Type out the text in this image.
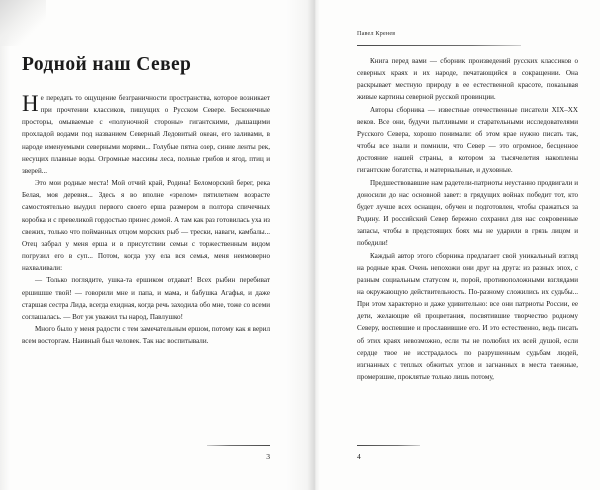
Родной наш Север

Не передать то ощущение безграничности пространства, которое возникает при прочтении классиков, пишущих о Русском Севере. Бесконечные просторы, омываемые с «полуночной стороны» гигантскими, дышащими прохладой водами под названием Северный Ледовитый океан, его заливами, в народе именуемыми северными морями... Голубые пятна озер, синие ленты рек, несущих плавные воды. Огромные массивы леса, полные грибов и ягод, птиц и зверей...

Это мои родные места! Мой отчий край, Родина! Беломорский берег, река Белая, моя деревня... Здесь я во вполне «зрелом» пятилетнем возрасте самостоятельно выудил первого своего ерша размером в полтора спичечных коробка и с превеликой гордостью принес домой. А там как раз готовилась уха из свежих, только что пойманных отцом морских рыб — трески, наваги, камбалы... Отец забрал у меня ерша и в присутствии семьи с торжественным видом погрузил его в суп... Потом, когда уху ела вся семья, меня неимоверно нахваливали:

— Только поглядите, ушка-та ершиком отдават! Всех рыбин перебиват ершишше твой! — говорили мне и папа, и мама, и бабушка Агафья, и даже старшая сестра Лида, всегда ехидная, когда речь заходила обо мне, тоже со всеми соглашалась. — Вот уж уважил ты народ, Павлушко!

Много было у меня радости с тем замечательным ершом, потому как я верил всем восторгам. Наивный был человек. Так нас воспитывали.

3
Павел Кренев

Книга перед вами — сборник произведений русских классиков о северных краях и их народе, печатающийся в сокращении. Она раскрывает местную природу в ее естественной красоте, показывая живые картины северной русской провинции.

Авторы сборника — известные отечественные писатели XIX–XX веков. Все они, будучи пытливыми и старательными исследователями Русского Севера, хорошо понимали: об этом крае нужно писать так, чтобы все знали и помнили, что Север — это огромное, бесценное достояние нашей страны, в котором за тысячелетия накоплены гигантские богатства, и материальные, и духовные.

Предшествовавшие нам радетели-патриоты неустанно продвигали и доносили до нас основной завет: в грядущих войнах победит тот, кто будет лучше всех оснащен, обучен и подготовлен, чтобы сражаться за Родину. И российский Север бережно сохранил для нас сокровенные запасы, чтобы в предстоящих боях мы не ударили в грязь лицом и победили!

Каждый автор этого сборника предлагает свой уникальный взгляд на родные края. Очень непохожи они друг на друга: из разных эпох, с разным социальным статусом и, порой, противоположными взглядами на окружающую действительность. По-разному сложились их судьбы... При этом характерно и даже удивительно: все они патриоты России, ее дети, желающие ей процветания, посвятившие творчество родному Северу, воспевшие и прославившие его. И это естественно, ведь писать об этих краях невозможно, если ты не полюбил их всей душой, если сердце твое не исстрадалось по разрушенным судьбам людей, изгнанных с теплых обжитых углов и загнанных в места таежные, промерзшие, проклятые только лишь потому,

4
